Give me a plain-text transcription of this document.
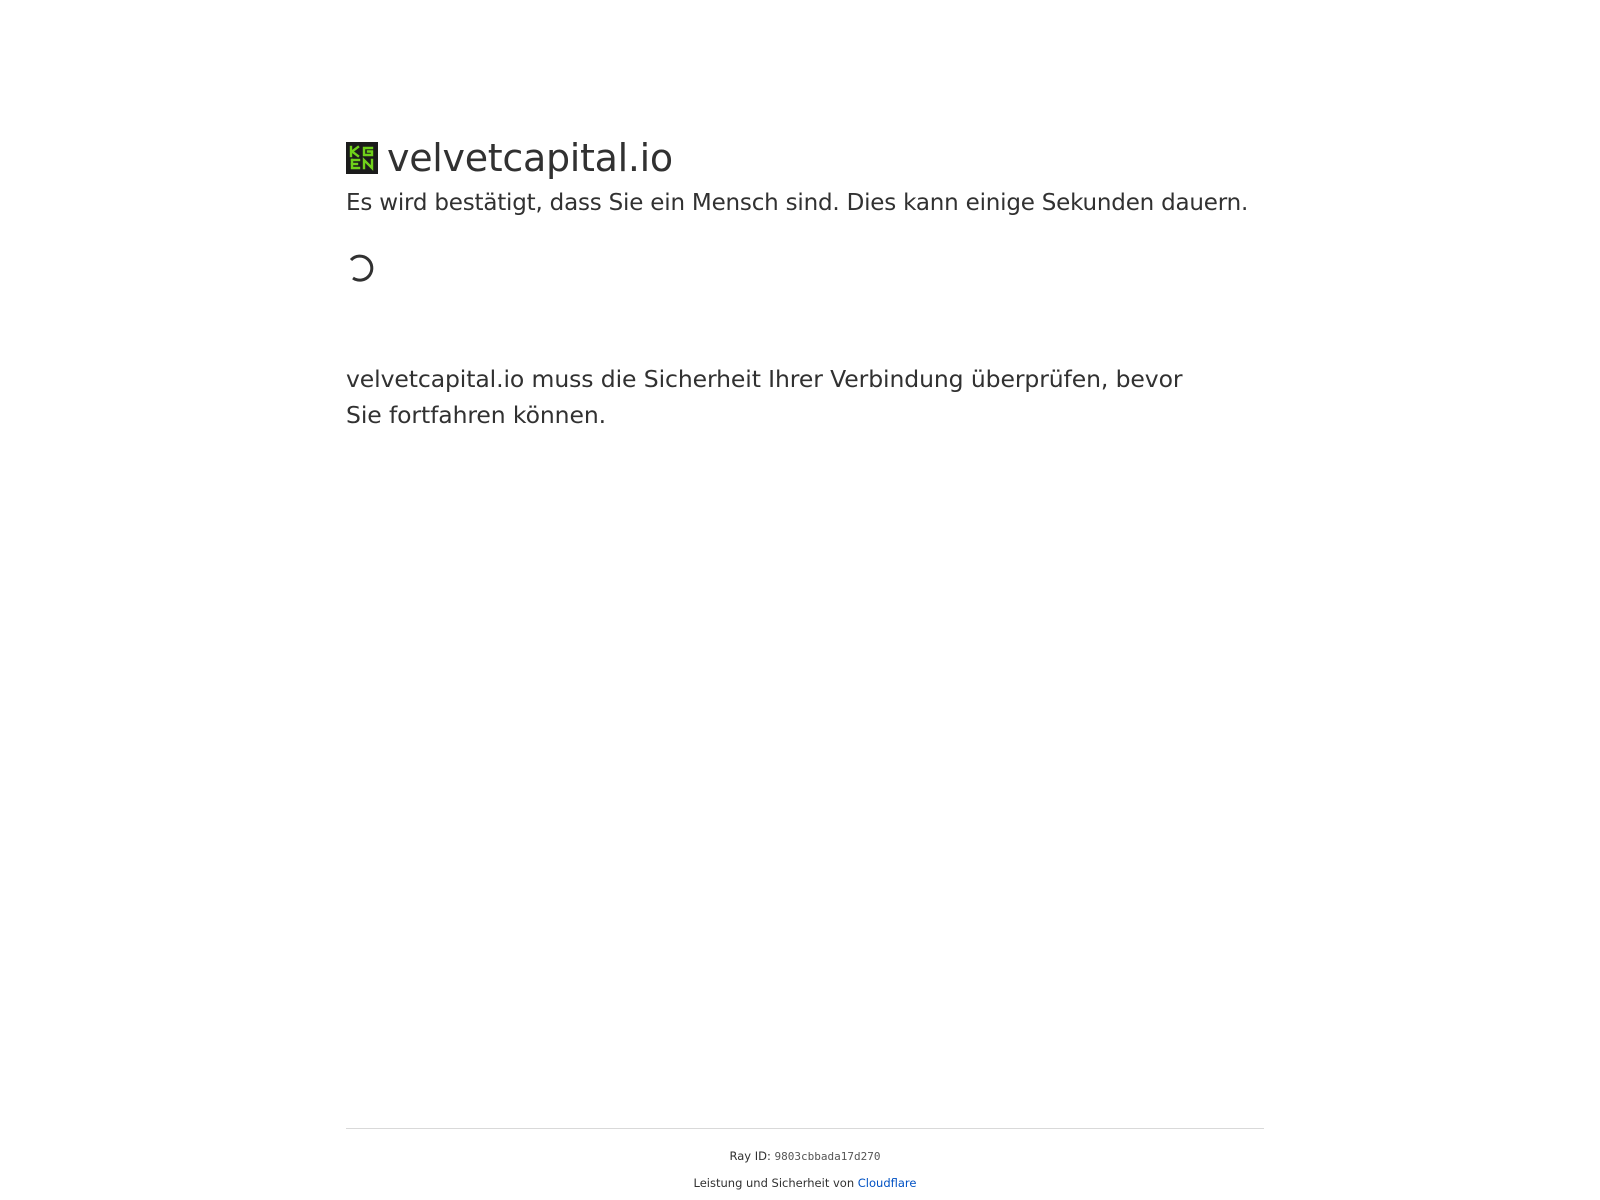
velvetcapital.io
Es wird bestätigt, dass Sie ein Mensch sind. Dies kann einige Sekunden dauern.
velvetcapital.io muss die Sicherheit Ihrer Verbindung überprüfen, bevor Sie fortfahren können.
Ray ID: 9803cbbada17d270
Leistung und Sicherheit von Cloudflare
